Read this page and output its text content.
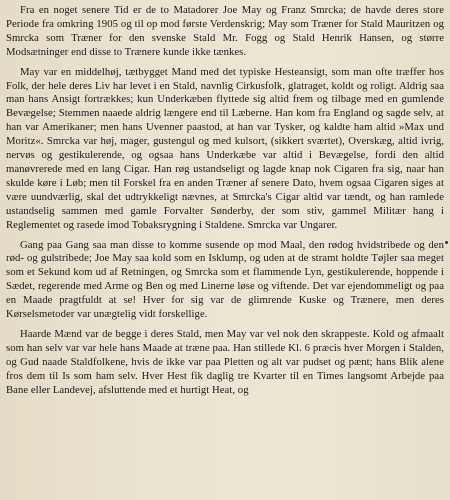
Fra en noget senere Tid er de to Matadorer Joe May og Franz Smrcka; de havde deres store Periode fra omkring 1905 og til op mod første Verdenskrig; May som Træner for Stald Mauritzen og Smrcka som Træner for den svenske Stald Mr. Fogg og Stald Henrik Hansen, og større Modsætninger end disse to Trænere kunde ikke tænkes.

May var en middelhøj, tætbygget Mand med det typiske Hesteansigt, som man ofte træffer hos Folk, der hele deres Liv har levet i en Stald, navnlig Cirkusfolk, glatraget, koldt og roligt. Aldrig saa man hans Ansigt fortrækkes; kun Underkæben flyttede sig altid frem og tilbage med en gumlende Bevægelse; Stemmen naaede aldrig længere end til Læberne. Han kom fra England og sagde selv, at han var Amerikaner; men hans Uvenner paastod, at han var Tysker, og kaldte ham altid »Max und Moritz«. Smrcka var høj, mager, gustengul og med kulsort, (sikkert sværtet), Overskæg, altid ivrig, nervøs og gestikulerende, og ogsaa hans Underkæbe var altid i Bevægelse, fordi den altid manøvrerede med en lang Cigar. Han røg ustandseligt og lagde knap nok Cigaren fra sig, naar han skulde køre i Løb; men til Forskel fra en anden Træner af senere Dato, hvem ogsaa Cigaren siges at være uundværlig, skal det udtrykkeligt nævnes, at Smrcka's Cigar altid var tændt, og han ramlede ustandselig sammen med gamle Forvalter Sønderby, der som stiv, gammel Militær hang i Reglementet og rasede imod Tobaksrygning i Staldene. Smrcka var Ungarer.

Gang paa Gang saa man disse to komme susende op mod Maal, den rødog hvidstribede og den rød- og gulstribede; Joe May saa kold som en Isklump, og uden at de stramt holdte Tøjler saa meget som et Sekund kom ud af Retningen, og Smrcka som et flammende Lyn, gestikulerende, hoppende i Sædet, regerende med Arme og Ben og med Linerne løse og viftende. Det var ejendommeligt og paa en Maade pragtfuldt at se! Hver for sig var de glimrende Kuske og Trænere, men deres Kørselsmetoder var unægtelig vidt forskellige.

Haarde Mænd var de begge i deres Stald, men May var vel nok den skrappeste. Kold og afmaalt som han selv var var hele hans Maade at træne paa. Han stillede Kl. 6 præcis hver Morgen i Stalden, og Gud naade Staldfolkene, hvis de ikke var paa Pletten og alt var pudset og pænt; hans Blik alene fros dem til Is som ham selv. Hver Hest fik daglig tre Kvarter til en Times langsomt Arbejde paa Bane eller Landevej, afsluttende med et hurtigt Heat, og
